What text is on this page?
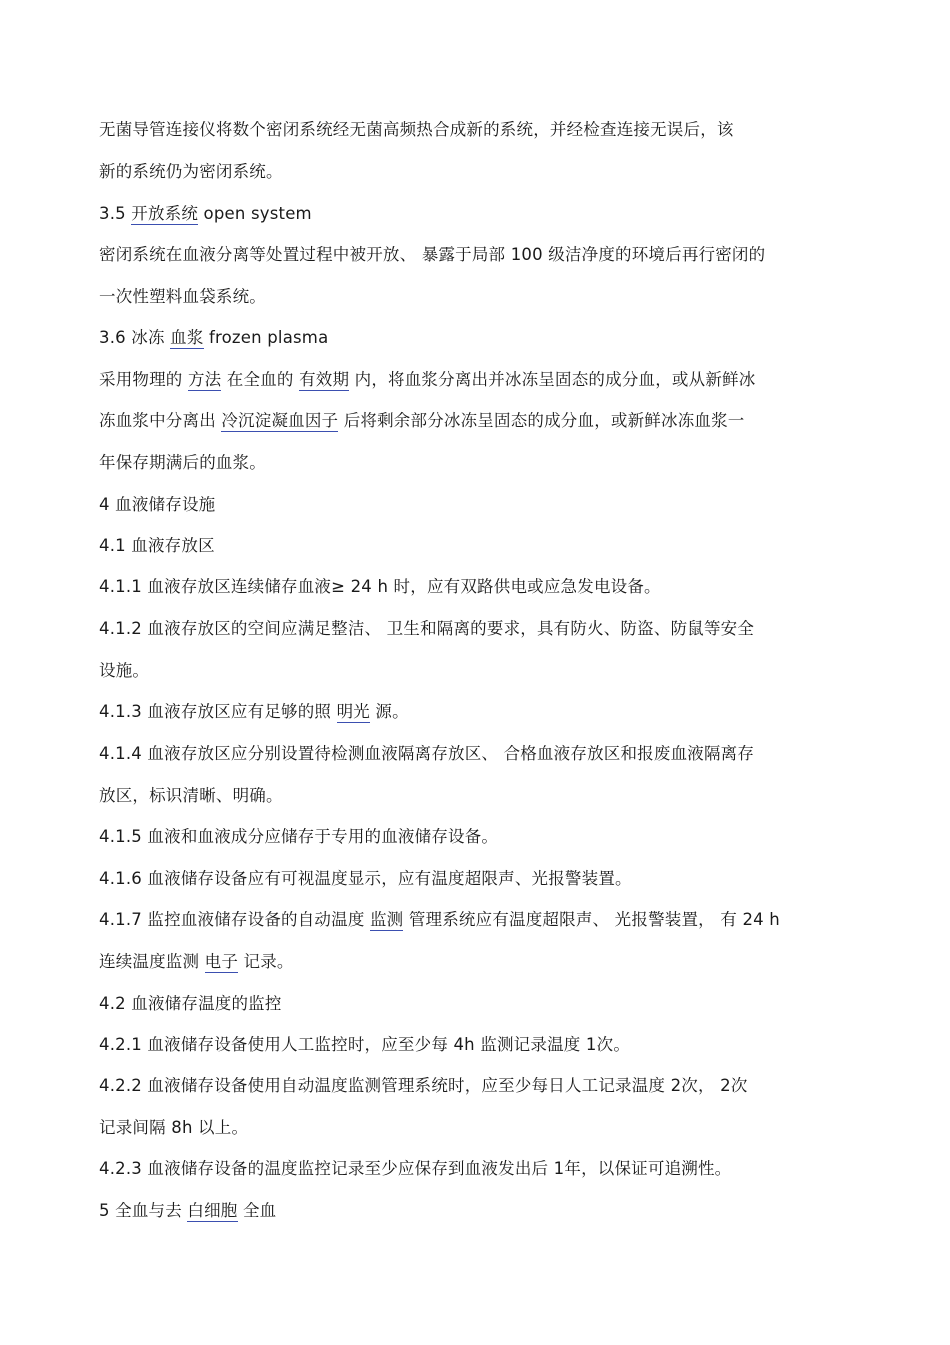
无菌导管连接仪将数个密闭系统经无菌高频热合成新的系统，并经检查连接无误后，该
新的系统仍为密闭系统。
3.5 开放系统 open system
密闭系统在血液分离等处置过程中被开放、 暴露于局部 100 级洁净度的环境后再行密闭的
一次性塑料血袋系统。
3.6 冰冻 血浆 frozen plasma
采用物理的 方法 在全血的 有效期 内，将血浆分离出并冰冻呈固态的成分血，或从新鲜冰
冻血浆中分离出 冷沉淀凝血因子 后将剩余部分冰冻呈固态的成分血，或新鲜冰冻血浆一
年保存期满后的血浆。
4 血液储存设施
4.1 血液存放区
4.1.1 血液存放区连续储存血液≥ 24 h 时，应有双路供电或应急发电设备。
4.1.2 血液存放区的空间应满足整洁、 卫生和隔离的要求，具有防火、防盗、防鼠等安全
设施。
4.1.3 血液存放区应有足够的照 明光 源。
4.1.4 血液存放区应分别设置待检测血液隔离存放区、 合格血液存放区和报废血液隔离存
放区，标识清晰、明确。
4.1.5 血液和血液成分应储存于专用的血液储存设备。
4.1.6 血液储存设备应有可视温度显示，应有温度超限声、光报警装置。
4.1.7 监控血液储存设备的自动温度 监测 管理系统应有温度超限声、 光报警装置， 有 24 h
连续温度监测 电子 记录。
4.2 血液储存温度的监控
4.2.1 血液储存设备使用人工监控时，应至少每 4h 监测记录温度 1次。
4.2.2 血液储存设备使用自动温度监测管理系统时，应至少每日人工记录温度 2次， 2次
记录间隔 8h 以上。
4.2.3 血液储存设备的温度监控记录至少应保存到血液发出后 1年，以保证可追溯性。
5 全血与去 白细胞 全血
